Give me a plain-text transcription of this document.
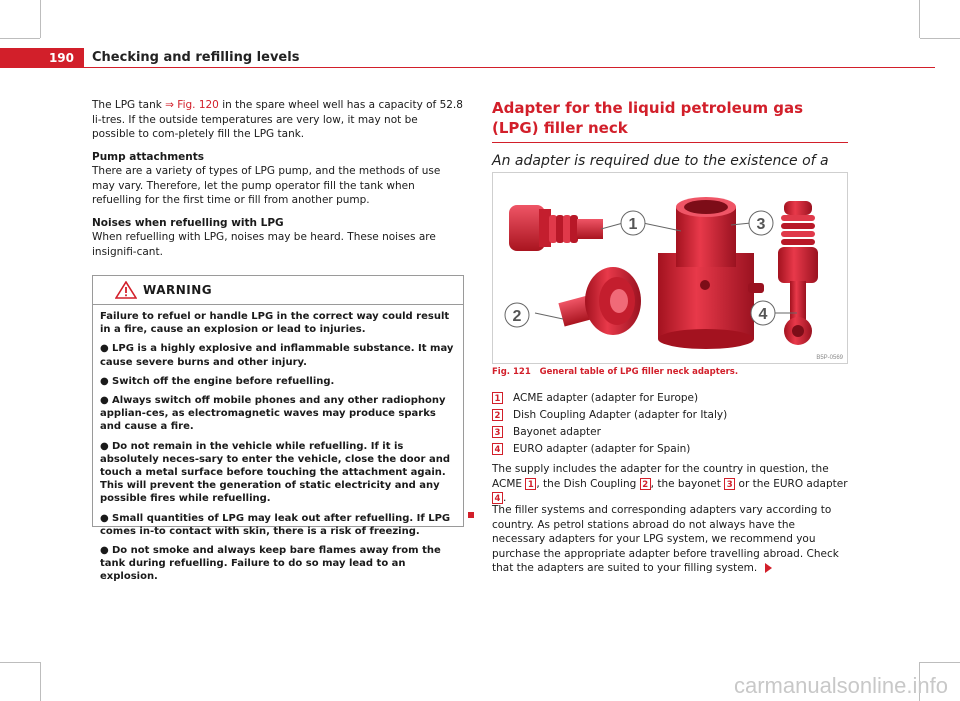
190	Checking and refilling levels

The LPG tank ⇒ Fig. 120 in the spare wheel well has a capacity of 52.8 li-tres. If the outside temperatures are very low, it may not be possible to com-pletely fill the LPG tank.

Pump attachments

There are a variety of types of LPG pump, and the methods of use may vary. Therefore, let the pump operator fill the tank when refuelling for the first time or fill from another pump.

Noises when refuelling with LPG

When refuelling with LPG, noises may be heard. These noises are insignifi-cant.

WARNING

Failure to refuel or handle LPG in the correct way could result in a fire, cause an explosion or lead to injuries.

● LPG is a highly explosive and inflammable substance. It may cause severe burns and other injury.

● Switch off the engine before refuelling.

● Always switch off mobile phones and any other radiophony applian-ces, as electromagnetic waves may produce sparks and cause a fire.

● Do not remain in the vehicle while refuelling. If it is absolutely neces-sary to enter the vehicle, close the door and touch a metal surface before touching the attachment again. This will prevent the generation of static electricity and any possible fires while refuelling.

● Small quantities of LPG may leak out after refuelling. If LPG comes in-to contact with skin, there is a risk of freezing.

● Do not smoke and always keep bare flames away from the tank during refuelling. Failure to do so may lead to an explosion.

Adapter for the liquid petroleum gas (LPG) filler neck
An adapter is required due to the existence of a
1	3
2	4
B5P-0569
Fig. 121 General table of LPG filler neck adapters.
1 ACME adapter (adapter for Europe)
2 Dish Coupling Adapter (adapter for Italy)
3 Bayonet adapter
4 EURO adapter (adapter for Spain)
The supply includes the adapter for the country in question, the ACME 1 , the Dish Coupling 2 , the bayonet 3 or the EURO adapter 4 .
The filler systems and corresponding adapters vary according to country. As petrol stations abroad do not always have the necessary adapters for your LPG system, we recommend you purchase the appropriate adapter before travelling abroad. Check that the adapters are suited to your filling system.
carmanualsonline.info
